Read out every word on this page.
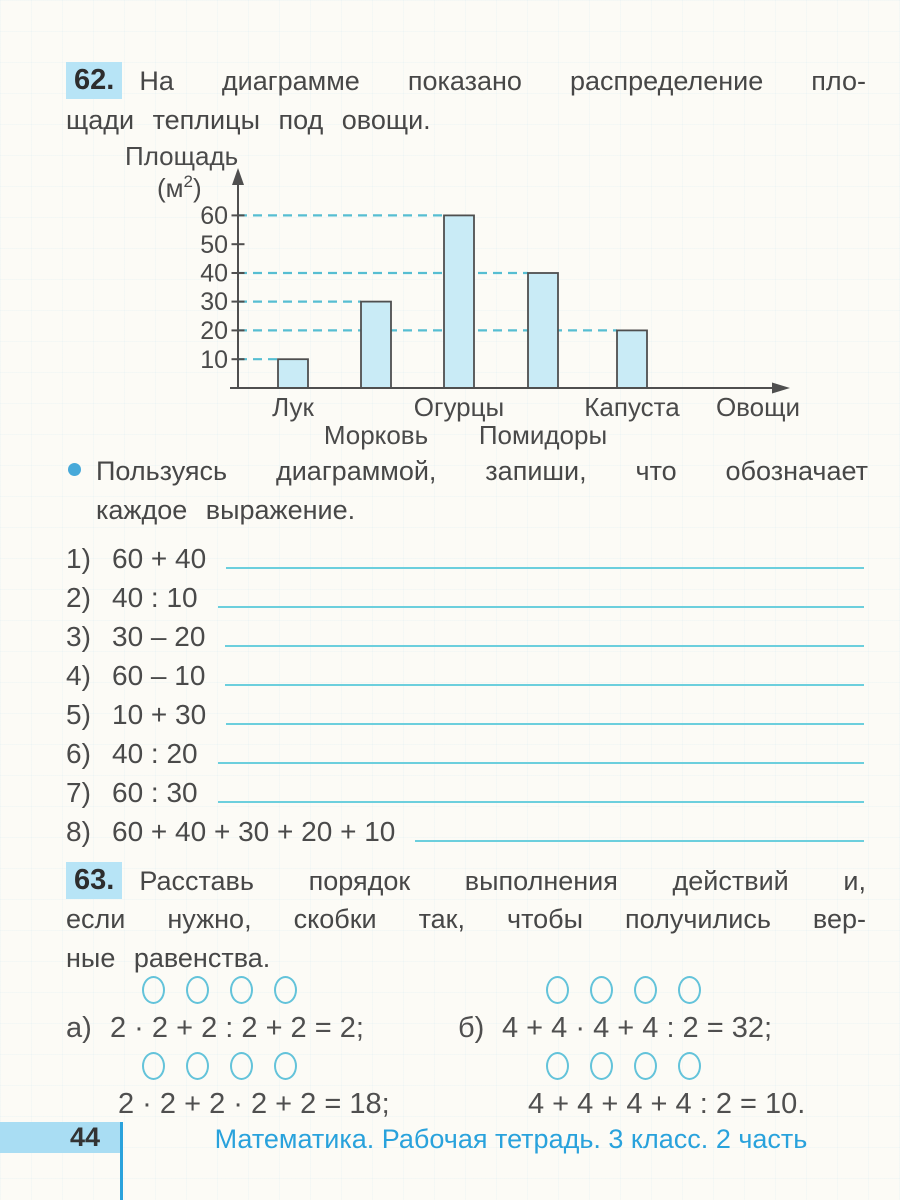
62. На диаграмме показано распределение пло-
щади теплицы под овощи.
Площадь
$(м^2)$
60
50
40
30
20
10
Лук
Морковь
Огурцы
Помидоры
Капуста Овощи
Пользуясь диаграммой, запиши, что обозначает
каждое выражение.
1) 60 + 40
2) 40 : 10
3) 30 – 20
4) 60 – 10
5) 10 + 30
6) 40 : 20
7) 60 : 30
8) 60 + 40 + 30 + 20 + 10
63. Расставь порядок выполнения действий и,
если нужно, скобки так, чтобы получились вер-
ные равенства.
а) 2 · 2 + 2 : 2 + 2 = 2;
2 · 2 + 2 · 2 + 2 = 18;
б) 4 + 4 · 4 + 4 : 2 = 32;
4 + 4 + 4 + 4 : 2 = 10.
44	Математика. Рабочая тетрадь. 3 класс. 2 часть
